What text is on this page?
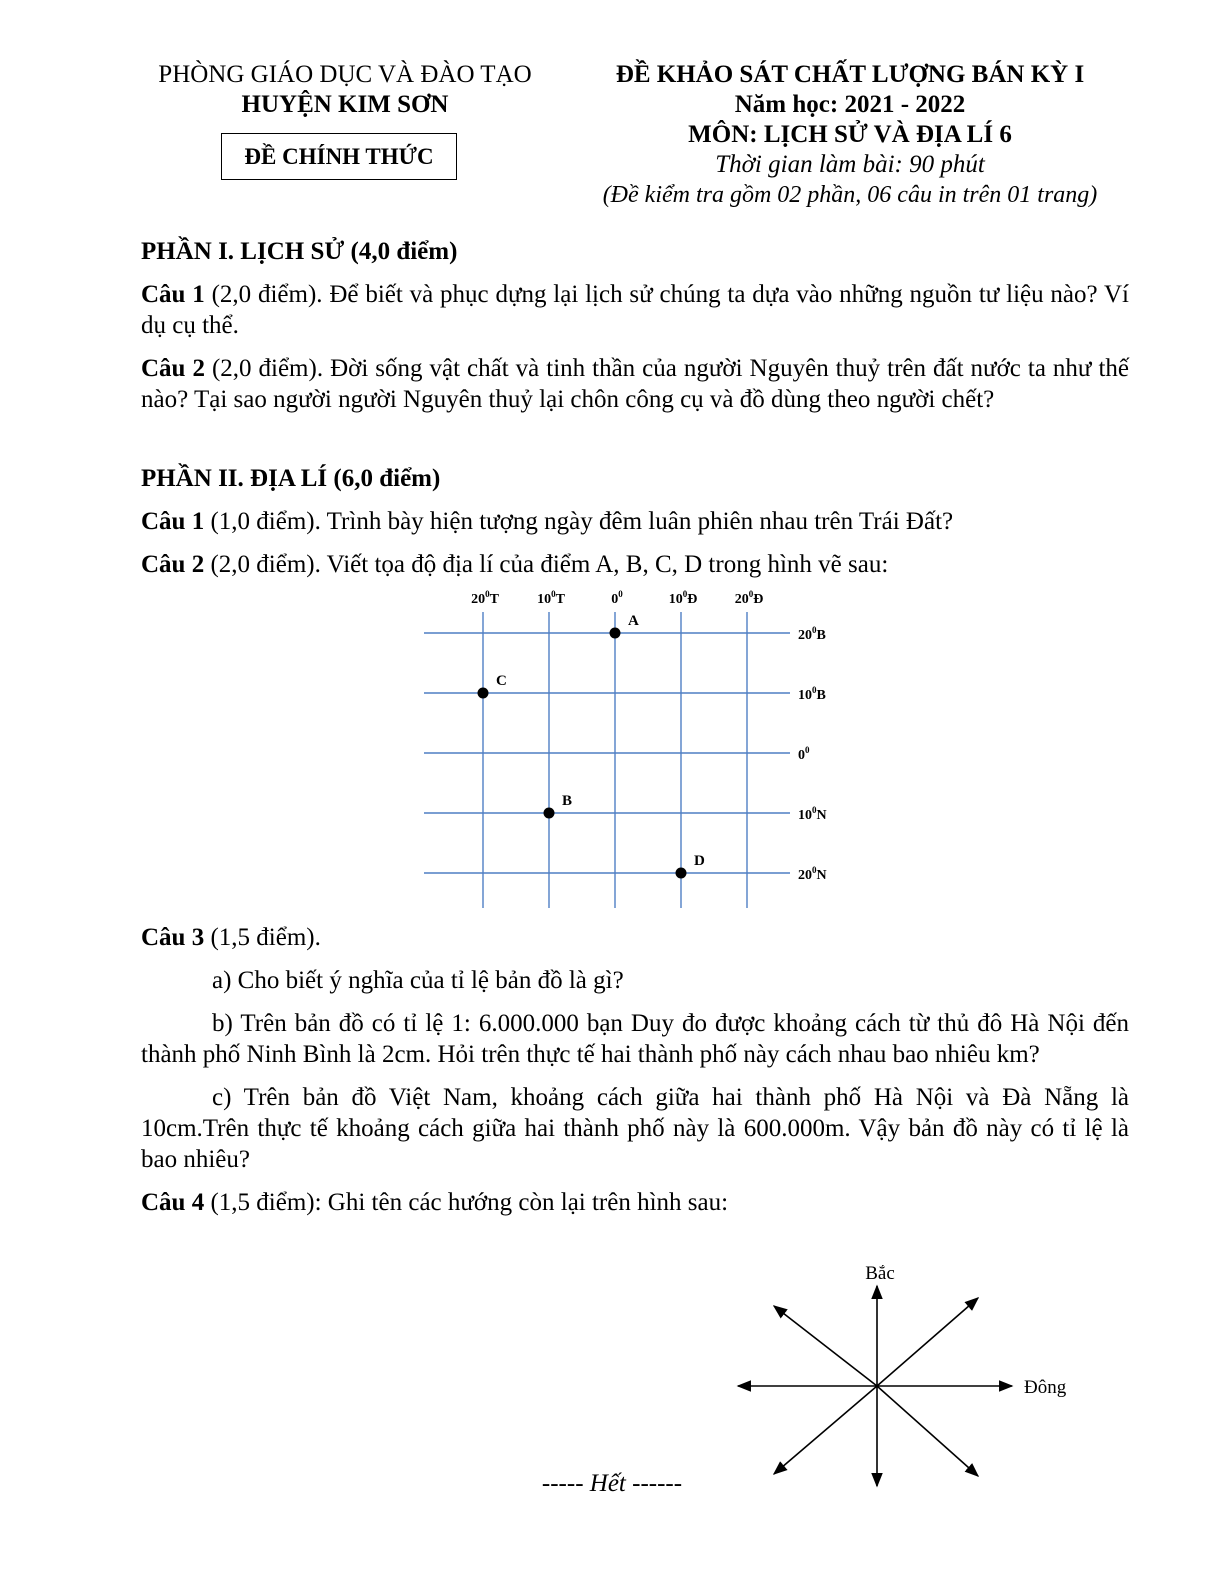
PHÒNG GIÁO DỤC VÀ ĐÀO TẠO
HUYỆN KIM SƠN
ĐỀ CHÍNH THỨC
ĐỀ KHẢO SÁT CHẤT LƯỢNG BÁN KỲ I
Năm học: 2021 - 2022
MÔN: LỊCH SỬ VÀ ĐỊA LÍ 6
Thời gian làm bài: 90 phút
(Đề kiểm tra gồm 02 phần, 06 câu in trên 01 trang)
PHẦN I. LỊCH SỬ (4,0 điểm)
Câu 1 (2,0 điểm). Để biết và phục dựng lại lịch sử chúng ta dựa vào những nguồn tư liệu nào? Ví dụ cụ thể.
Câu 2 (2,0 điểm). Đời sống vật chất và tinh thần của người Nguyên thuỷ trên đất nước ta như thế nào? Tại sao người người Nguyên thuỷ lại chôn công cụ và đồ dùng theo người chết?
PHẦN II. ĐỊA LÍ (6,0 điểm)
Câu 1 (1,0 điểm). Trình bày hiện tượng ngày đêm luân phiên nhau trên Trái Đất?
Câu 2 (2,0 điểm). Viết tọa độ địa lí của điểm A, B, C, D trong hình vẽ sau:
$20^0B$
$10^0B$
$0^0$
$10^0N$
$20^0N$
$20^0T$	$10^0T$	$0^0$	$10^0Đ$	$20^0Đ$
A
C
B
D
Câu 3 (1,5 điểm).
a) Cho biết ý nghĩa của tỉ lệ bản đồ là gì?
b) Trên bản đồ có tỉ lệ 1: 6.000.000 bạn Duy đo được khoảng cách từ thủ đô Hà Nội đến thành phố Ninh Bình là 2cm. Hỏi trên thực tế hai thành phố này cách nhau bao nhiêu km?
c) Trên bản đồ Việt Nam, khoảng cách giữa hai thành phố Hà Nội và Đà Nẵng là 10cm.Trên thực tế khoảng cách giữa hai thành phố này là 600.000m. Vậy bản đồ này có tỉ lệ là bao nhiêu?
Câu 4 (1,5 điểm): Ghi tên các hướng còn lại trên hình sau:
Bắc
Đông
----- Hết ------
